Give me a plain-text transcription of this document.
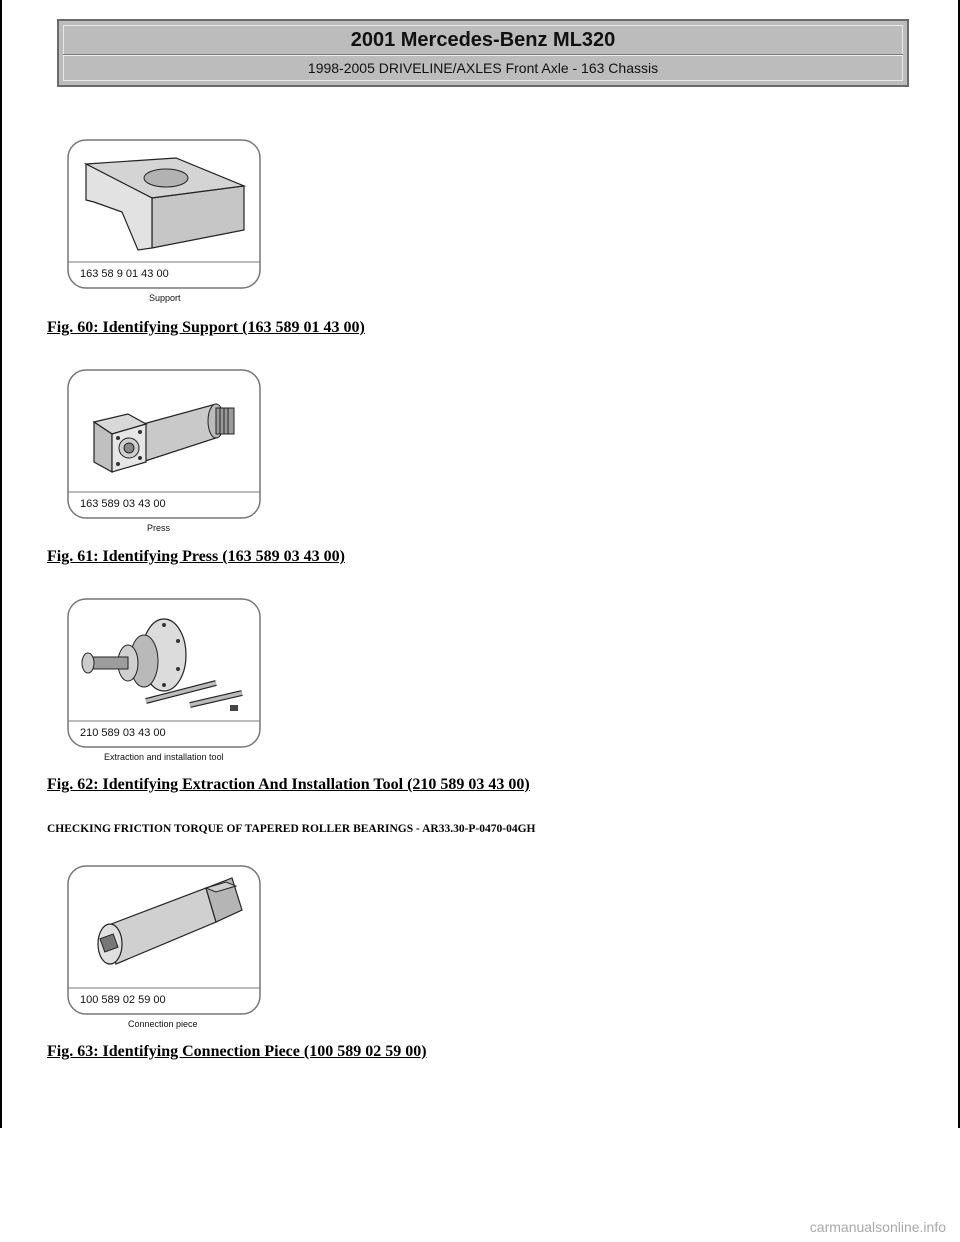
2001 Mercedes-Benz ML320
1998-2005 DRIVELINE/AXLES Front Axle - 163 Chassis
163 58 9 01 43 00
Support
Fig. 60: Identifying Support (163 589 01 43 00)
163 589 03 43 00
Press
Fig. 61: Identifying Press (163 589 03 43 00)
210 589 03 43 00
Extraction and installation tool
Fig. 62: Identifying Extraction And Installation Tool (210 589 03 43 00)
CHECKING FRICTION TORQUE OF TAPERED ROLLER BEARINGS - AR33.30-P-0470-04GH
100 589 02 59 00
Connection piece
Fig. 63: Identifying Connection Piece (100 589 02 59 00)
carmanualsonline.info
